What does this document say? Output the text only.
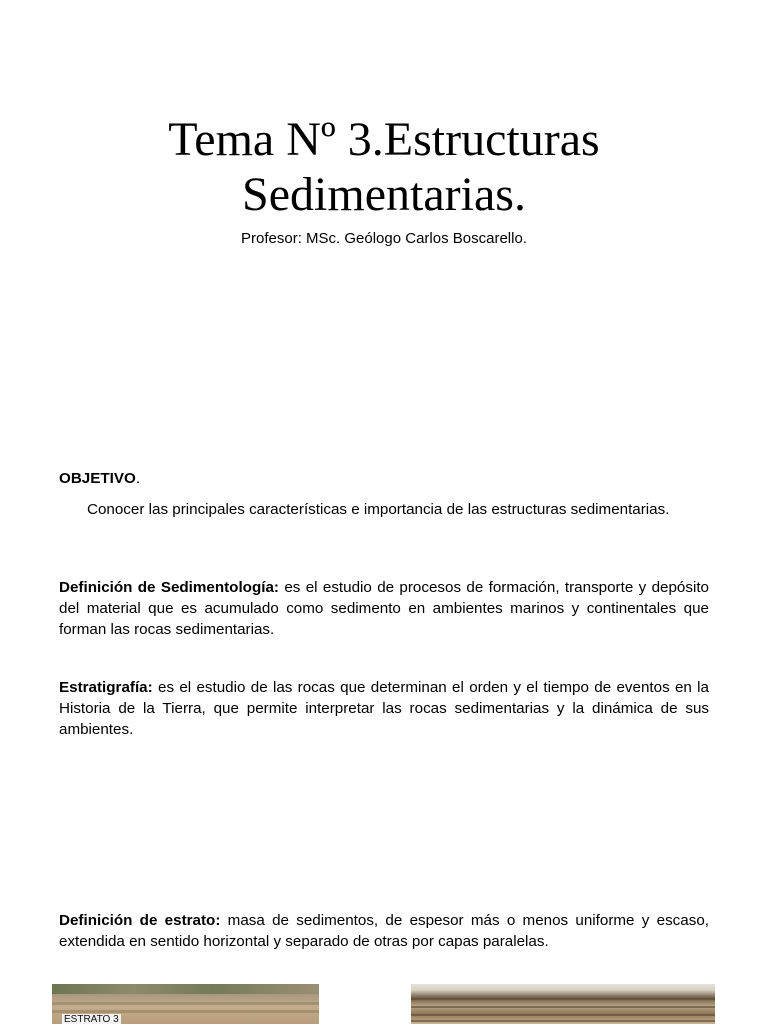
Tema Nº 3.Estructuras
Sedimentarias.
Profesor: MSc. Geólogo Carlos Boscarello.
OBJETIVO.
Conocer las principales características e importancia de las estructuras sedimentarias.
Definición de Sedimentología: es el estudio de procesos de formación, transporte y depósito del material que es acumulado como sedimento en ambientes marinos y continentales que forman las rocas sedimentarias.
Estratigrafía: es el estudio de las rocas que determinan el orden y el tiempo de eventos en la Historia de la Tierra, que permite interpretar las rocas sedimentarias y la dinámica de sus ambientes.
Definición de estrato: masa de sedimentos, de espesor más o menos uniforme y escaso, extendida en sentido horizontal y separado de otras por capas paralelas.
ESTRATO 3
